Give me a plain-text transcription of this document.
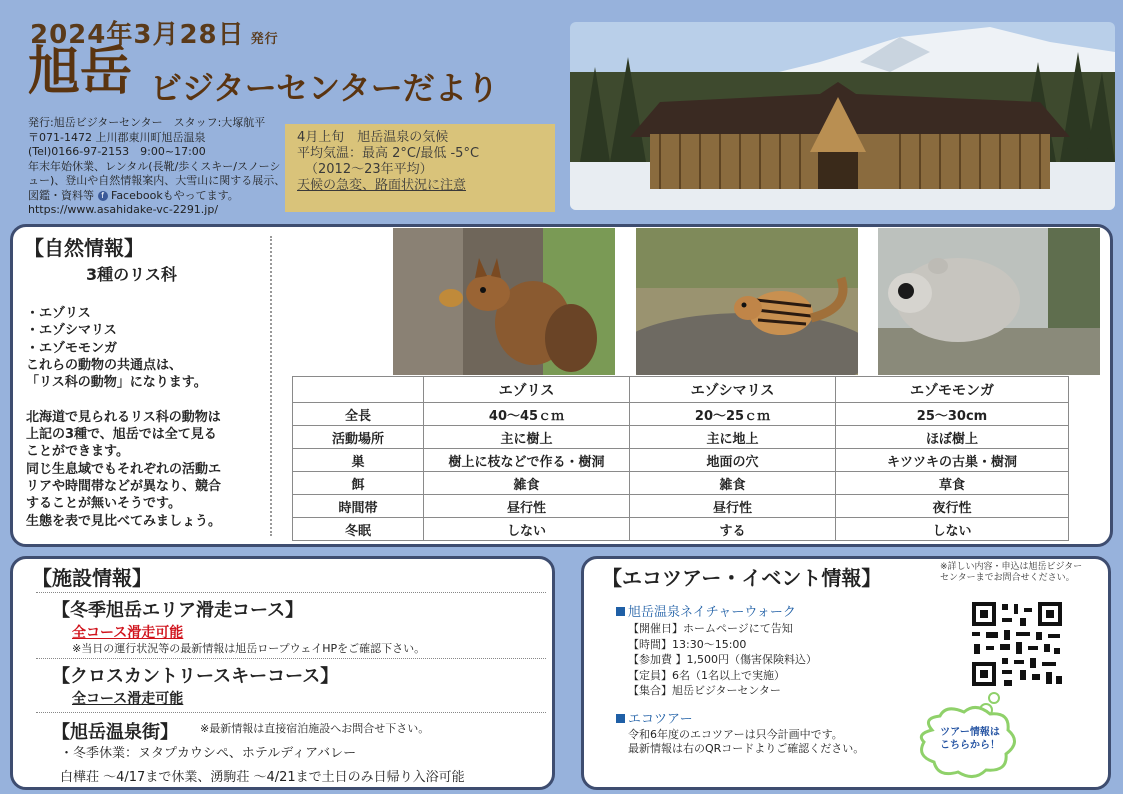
2024年3月28日 発行
旭岳 ビジターセンターだより
発行:旭岳ビジターセンター　スタッフ:大塚航平
〒071-1472 上川郡東川町旭岳温泉
(Tel)0166-97-2153　9:00~17:00
年末年始休業、レンタル(長靴/歩くスキー/スノーシ
ュー)、登山や自然情報案内、大雪山に関する展示、
図鑑・資料等 f Facebookもやってます。
https://www.asahidake-vc-2291.jp/
4月上旬　旭岳温泉の気候
平均気温：最高 2°C/最低 -5°C
（2012～23年平均）
天候の急変、路面状況に注意
【自然情報】
3種のリス科
・エゾリス
・エゾシマリス
・エゾモモンガ
これらの動物の共通点は、
「リス科の動物」になります。

北海道で見られるリス科の動物は
上記の3種で、旭岳では全て見る
ことができます。
同じ生息域でもそれぞれの活動エ
リアや時間帯などが異なり、競合
することが無いそうです。
生態を表で見比べてみましょう。
	エゾリス	エゾシマリス	エゾモモンガ
全長	40～45ｃｍ	20～25ｃｍ	25～30cm
活動場所	主に樹上	主に地上	ほぼ樹上
巣	樹上に枝などで作る・樹洞	地面の穴	キツツキの古巣・樹洞
餌	雑食	雑食	草食
時間帯	昼行性	昼行性	夜行性
冬眠	しない	する	しない
【施設情報】
【冬季旭岳エリア滑走コース】
全コース滑走可能
※当日の運行状況等の最新情報は旭岳ロープウェイHPをご確認下さい。
【クロスカントリースキーコース】
全コース滑走可能
【旭岳温泉街】 ※最新情報は直接宿泊施設へお問合せ下さい。
・冬季休業：ヌタプカウシペ、ホテルディアバレー
白樺荘 ～4/17まで休業、湧駒荘 ～4/21まで土日のみ日帰り入浴可能
【エコツアー・イベント情報】	※詳しい内容・申込は旭岳ビジターセンターまでお問合せください。
旭岳温泉ネイチャーウォーク
【開催日】ホームページにて告知
【時間】13:30～15:00
【参加費 】1,500円（傷害保険料込）
【定員】6名（1名以上で実施）
【集合】旭岳ビジターセンター
エコツアー
令和6年度のエコツアーは只今計画中です。
最新情報は右のQRコードよりご確認ください。
ツアー情報は
こちらから！
